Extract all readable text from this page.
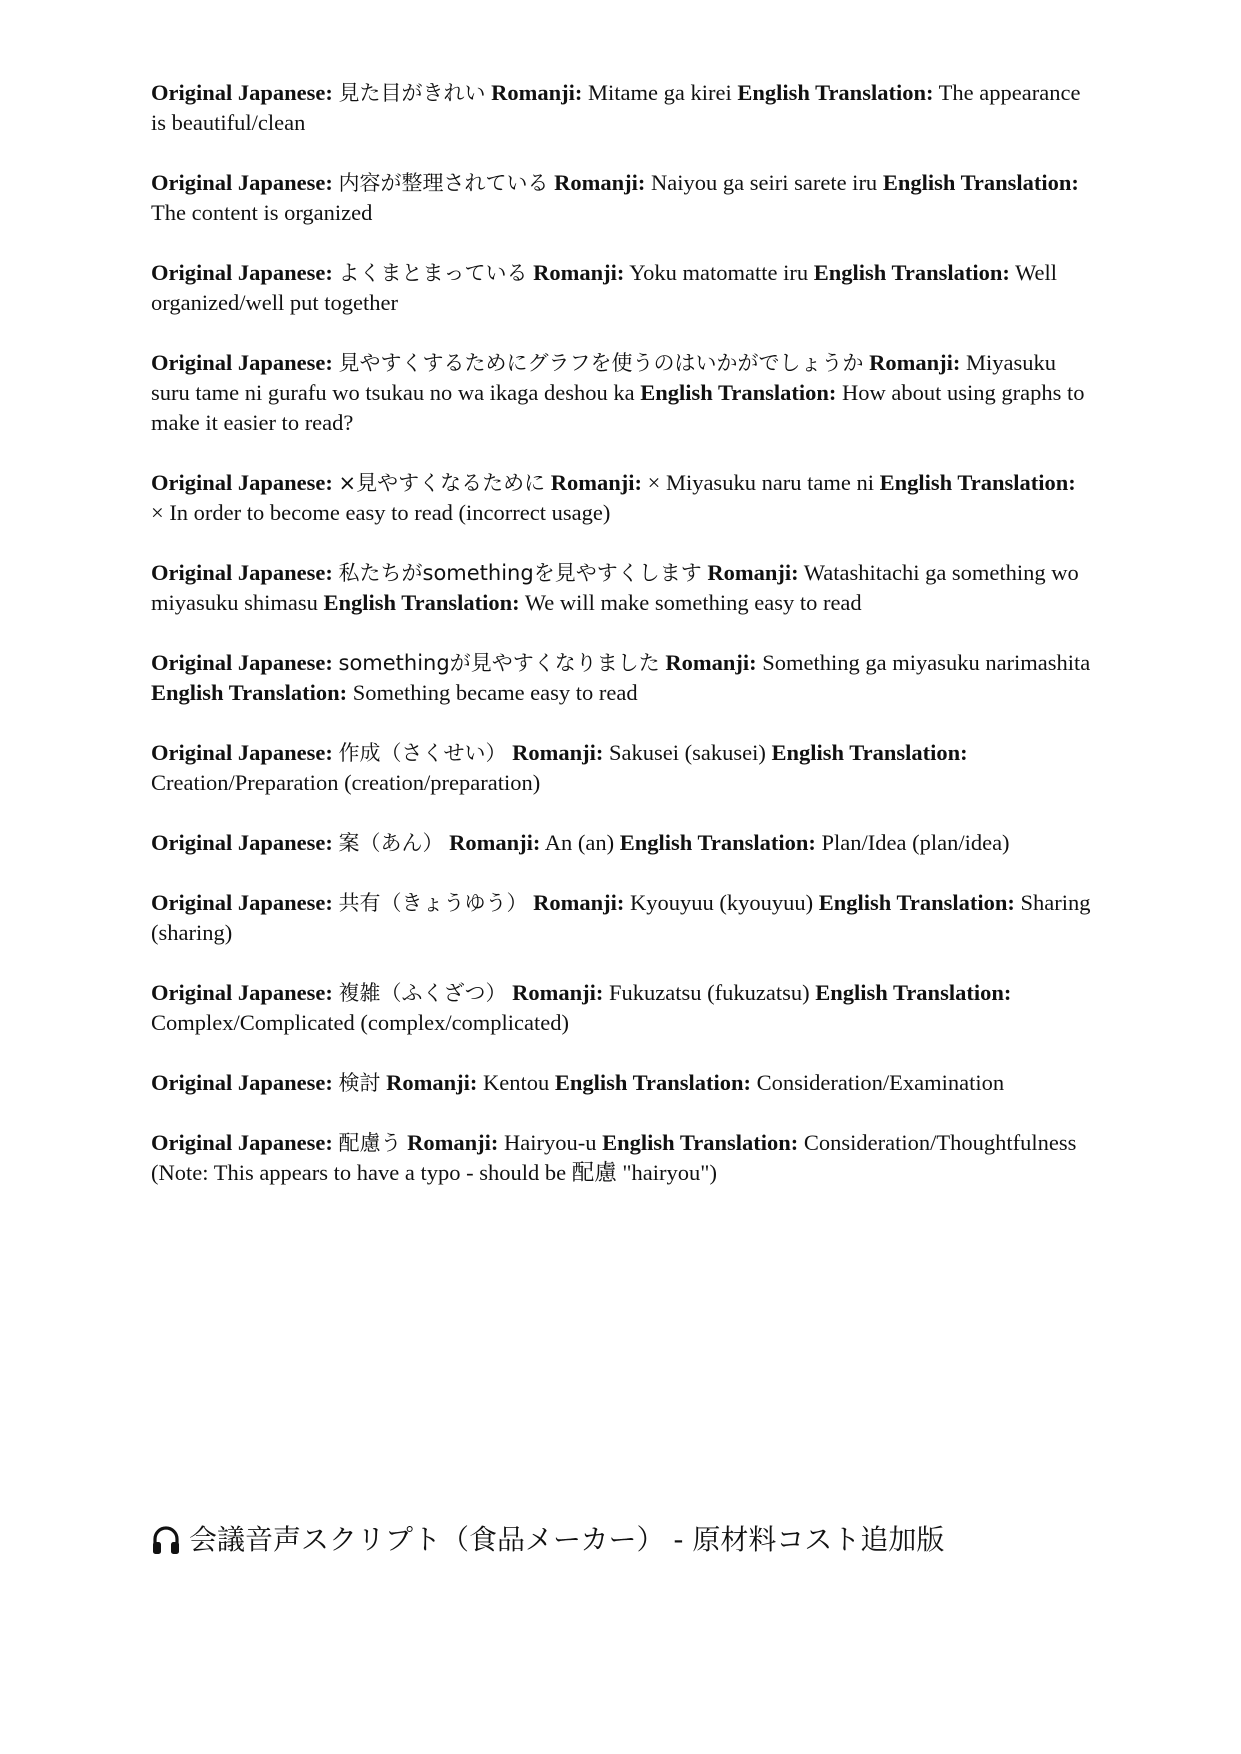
Original Japanese: 見た目がきれい Romanji: Mitame ga kirei English Translation: The appearance is beautiful/clean

Original Japanese: 内容が整理されている Romanji: Naiyou ga seiri sarete iru English Translation: The content is organized

Original Japanese: よくまとまっている Romanji: Yoku matomatte iru English Translation: Well organized/well put together

Original Japanese: 見やすくするためにグラフを使うのはいかがでしょうか Romanji: Miyasuku suru tame ni gurafu wo tsukau no wa ikaga deshou ka English Translation: How about using graphs to make it easier to read?

Original Japanese: ×見やすくなるために Romanji: × Miyasuku naru tame ni English Translation: × In order to become easy to read (incorrect usage)

Original Japanese: 私たちがsomethingを見やすくします Romanji: Watashitachi ga something wo miyasuku shimasu English Translation: We will make something easy to read

Original Japanese: somethingが見やすくなりました Romanji: Something ga miyasuku narimashita English Translation: Something became easy to read

Original Japanese: 作成（さくせい） Romanji: Sakusei (sakusei) English Translation: Creation/Preparation (creation/preparation)

Original Japanese: 案（あん） Romanji: An (an) English Translation: Plan/Idea (plan/idea)

Original Japanese: 共有（きょうゆう） Romanji: Kyouyuu (kyouyuu) English Translation: Sharing (sharing)

Original Japanese: 複雑（ふくざつ） Romanji: Fukuzatsu (fukuzatsu) English Translation: Complex/Complicated (complex/complicated)

Original Japanese: 検討 Romanji: Kentou English Translation: Consideration/Examination

Original Japanese: 配慮う Romanji: Hairyou-u English Translation: Consideration/Thoughtfulness (Note: This appears to have a typo - should be 配慮 "hairyou")

会議音声スクリプト（食品メーカー） - 原材料コスト追加版
